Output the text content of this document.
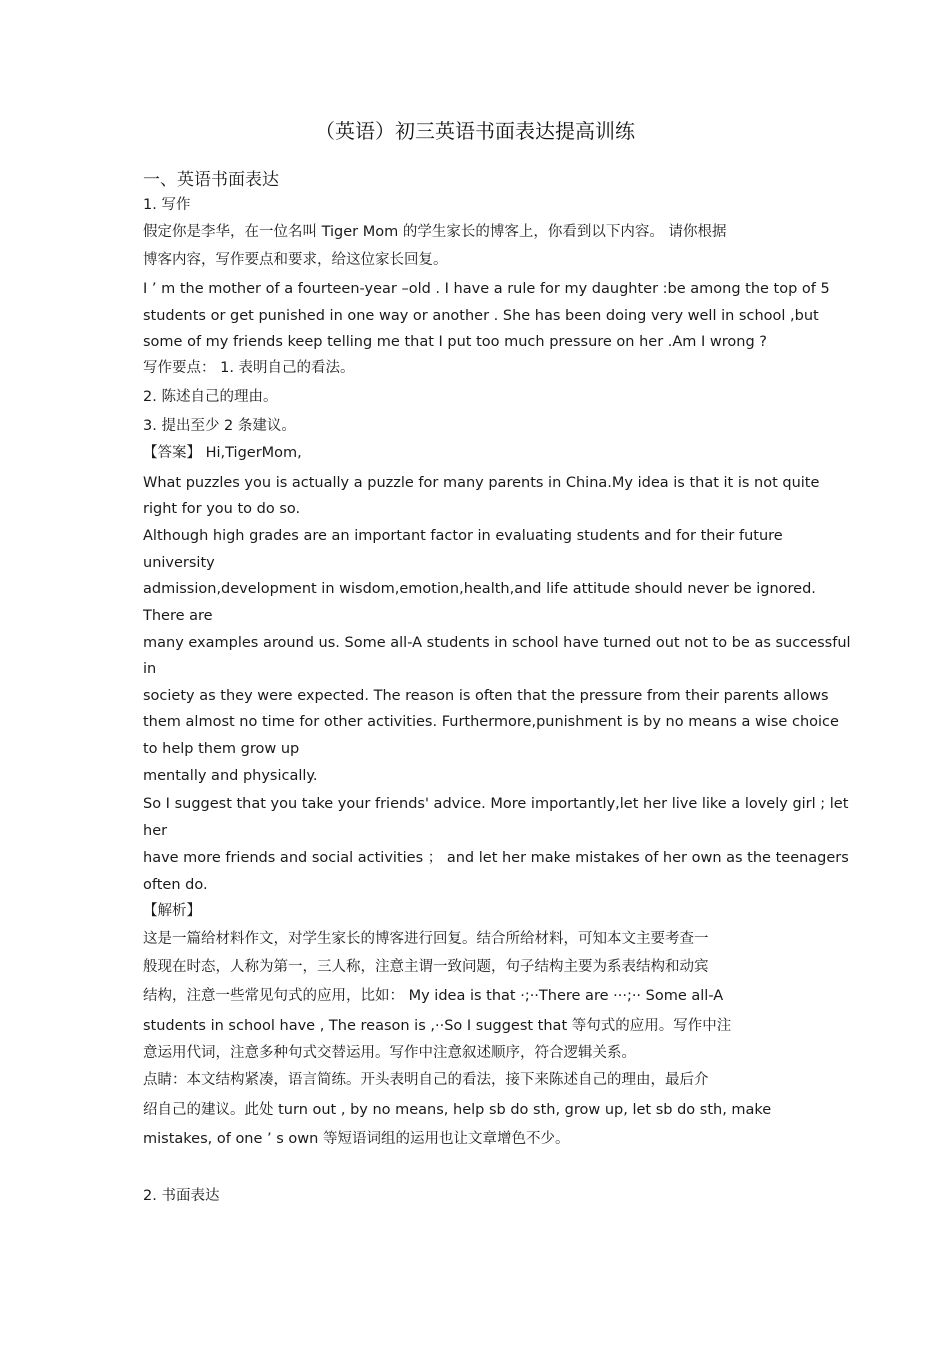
（英语）初三英语书面表达提高训练
一、英语书面表达
1. 写作
假定你是李华，在一位名叫 Tiger Mom 的学生家长的博客上，你看到以下内容。 请你根据
博客内容，写作要点和要求，给这位家长回复。
I ’ m the mother of a fourteen-year –old . I have a rule for my daughter :be among the top of 5
students or get punished in one way or another . She has been doing very well in school ,but
some of my friends keep telling me that I put too much pressure on her .Am I wrong ?
写作要点： 1. 表明自己的看法。
2. 陈述自己的理由。
3. 提出至少 2 条建议。
【答案】 Hi,TigerMom,
What puzzles you is actually a puzzle for many parents in China.My idea is that it is not quite
right for you to do so.
Although high grades are an important factor in evaluating students and for their future
university
admission,development in wisdom,emotion,health,and life attitude should never be ignored.
There are
many examples around us. Some all-A students in school have turned out not to be as successful
in
society as they were expected. The reason is often that the pressure from their parents allows
them almost no time for other activities. Furthermore,punishment is by no means a wise choice
to help them grow up
mentally and physically.
So I suggest that you take your friends' advice. More importantly,let her live like a lovely girl ; let
her
have more friends and social activities ； and let her make mistakes of her own as the teenagers
often do.
【解析】
这是一篇给材料作文，对学生家长的博客进行回复。结合所给材料，可知本文主要考查一
般现在时态，人称为第一，三人称，注意主谓一致问题，句子结构主要为系表结构和动宾
结构，注意一些常见句式的应用，比如： My idea is that ·;··There are ···;·· Some all-A
students in school have , The reason is ,··So I suggest that 等句式的应用。写作中注
意运用代词，注意多种句式交替运用。写作中注意叙述顺序，符合逻辑关系。
点睛：本文结构紧凑，语言简练。开头表明自己的看法，接下来陈述自己的理由，最后介
绍自己的建议。此处 turn out , by no means, help sb do sth, grow up, let sb do sth, make
mistakes, of one ’ s own 等短语词组的运用也让文章增色不少。
2. 书面表达
